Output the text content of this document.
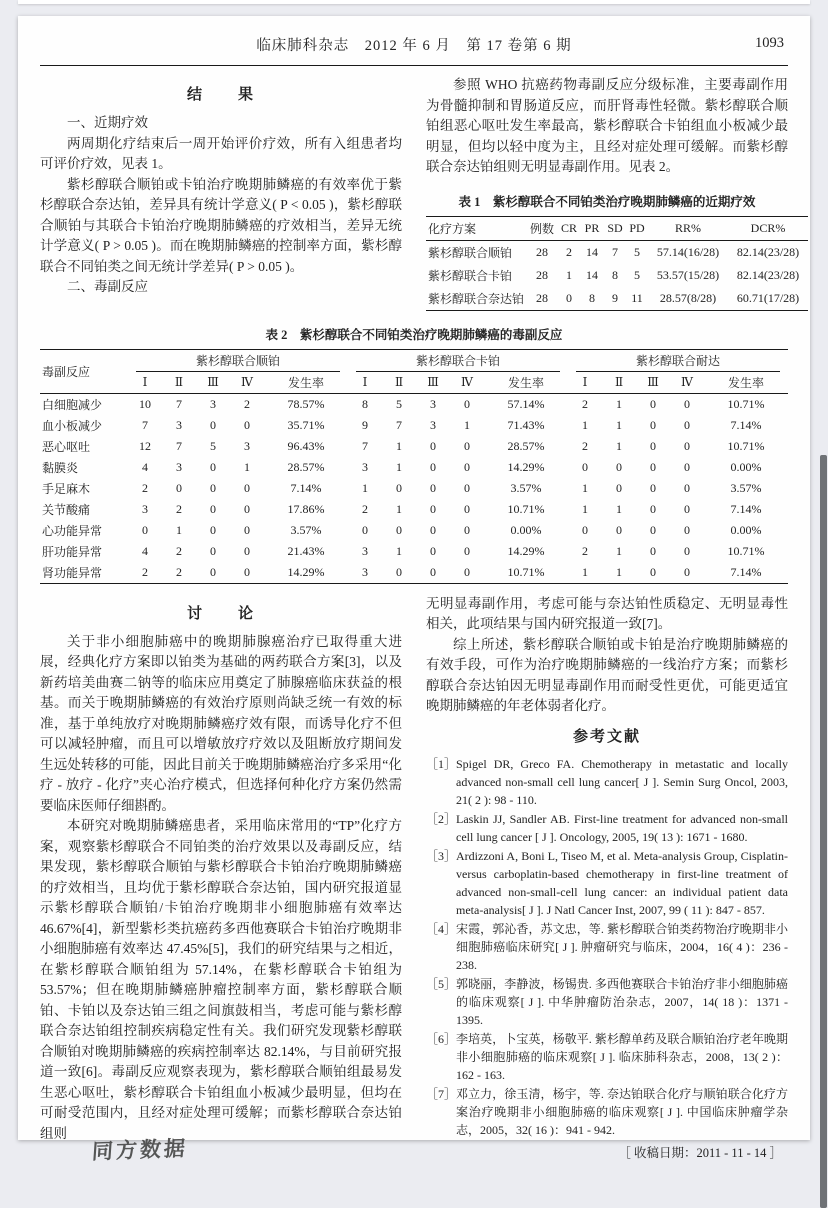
临床肺科杂志　2012 年 6 月　第 17 卷第 6 期	1093
结　　果

一、近期疗效

两周期化疗结束后一周开始评价疗效，所有入组患者均可评价疗效，见表 1。

紫杉醇联合顺铂或卡铂治疗晚期肺鳞癌的有效率优于紫杉醇联合奈达铂，差异具有统计学意义( P < 0.05 )，紫杉醇联合顺铂与其联合卡铂治疗晚期肺鳞癌的疗效相当，差异无统计学意义( P > 0.05 )。而在晚期肺鳞癌的控制率方面，紫杉醇联合不同铂类之间无统计学差异( P > 0.05 )。

二、毒副反应

参照 WHO 抗癌药物毒副反应分级标准，主要毒副作用为骨髓抑制和胃肠道反应，而肝肾毒性轻微。紫杉醇联合顺铂组恶心呕吐发生率最高，紫杉醇联合卡铂组血小板减少最明显，但均以轻中度为主，且经对症处理可缓解。而紫杉醇联合奈达铂组则无明显毒副作用。见表 2。

表 1　紫杉醇联合不同铂类治疗晚期肺鳞癌的近期疗效
化疗方案	例数	CR	PR	SD	PD	RR%	DCR%
紫杉醇联合顺铂	28	2	14	7	5	57.14(16/28)	82.14(23/28)
紫杉醇联合卡铂	28	1	14	8	5	53.57(15/28)	82.14(23/28)
紫杉醇联合奈达铂	28	0	8	9	11	28.57(8/28)	60.71(17/28)
表 2　紫杉醇联合不同铂类治疗晚期肺鳞癌的毒副反应
毒副反应	紫杉醇联合顺铂					紫杉醇联合卡铂					紫杉醇联合耐达				

	Ⅰ	Ⅱ	Ⅲ	Ⅳ	发生率	Ⅰ	Ⅱ	Ⅲ	Ⅳ	发生率	Ⅰ	Ⅱ	Ⅲ	Ⅳ	发生率
白细胞减少	10	7	3	2	78.57%	8	5	3	0	57.14%	2	1	0	0	10.71%
血小板减少	7	3	0	0	35.71%	9	7	3	1	71.43%	1	1	0	0	7.14%
恶心呕吐	12	7	5	3	96.43%	7	1	0	0	28.57%	2	1	0	0	10.71%
黏膜炎	4	3	0	1	28.57%	3	1	0	0	14.29%	0	0	0	0	0.00%
手足麻木	2	0	0	0	7.14%	1	0	0	0	3.57%	1	0	0	0	3.57%
关节酸痛	3	2	0	0	17.86%	2	1	0	0	10.71%	1	1	0	0	7.14%
心功能异常	0	1	0	0	3.57%	0	0	0	0	0.00%	0	0	0	0	0.00%
肝功能异常	4	2	0	0	21.43%	3	1	0	0	14.29%	2	1	0	0	10.71%
肾功能异常	2	2	0	0	14.29%	3	0	0	0	10.71%	1	1	0	0	7.14%
讨　　论

关于非小细胞肺癌中的晚期肺腺癌治疗已取得重大进展，经典化疗方案即以铂类为基础的两药联合方案[3]，以及新药培美曲赛二钠等的临床应用奠定了肺腺癌临床获益的根基。而关于晚期肺鳞癌的有效治疗原则尚缺乏统一有效的标准，基于单纯放疗对晚期肺鳞癌疗效有限，而诱导化疗不但可以减轻肿瘤，而且可以增敏放疗疗效以及阻断放疗期间发生远处转移的可能，因此目前关于晚期肺鳞癌治疗多采用“化疗 - 放疗 - 化疗”夹心治疗模式，但选择何种化疗方案仍然需要临床医师仔细斟酌。

本研究对晚期肺鳞癌患者，采用临床常用的“TP”化疗方案，观察紫杉醇联合不同铂类的治疗效果以及毒副反应，结果发现，紫杉醇联合顺铂与紫杉醇联合卡铂治疗晚期肺鳞癌的疗效相当，且均优于紫杉醇联合奈达铂，国内研究报道显示紫杉醇联合顺铂/卡铂治疗晚期非小细胞肺癌有效率达 46.67%[4]，新型紫杉类抗癌药多西他赛联合卡铂治疗晚期非小细胞肺癌有效率达 47.45%[5]，我们的研究结果与之相近，在紫杉醇联合顺铂组为 57.14%，在紫杉醇联合卡铂组为 53.57%；但在晚期肺鳞癌肿瘤控制率方面，紫杉醇联合顺铂、卡铂以及奈达铂三组之间旗鼓相当，考虑可能与紫杉醇联合奈达铂组控制疾病稳定性有关。我们研究发现紫杉醇联合顺铂对晚期肺鳞癌的疾病控制率达 82.14%，与目前研究报道一致[6]。毒副反应观察表现为，紫杉醇联合顺铂组最易发生恶心呕吐，紫杉醇联合卡铂组血小板减少最明显，但均在可耐受范围内，且经对症处理可缓解；而紫杉醇联合奈达铂组则

同方数据

无明显毒副作用，考虑可能与奈达铂性质稳定、无明显毒性相关，此项结果与国内研究报道一致[7]。

综上所述，紫杉醇联合顺铂或卡铂是治疗晚期肺鳞癌的有效手段，可作为治疗晚期肺鳞癌的一线治疗方案；而紫杉醇联合奈达铂因无明显毒副作用而耐受性更优，可能更适宜晚期肺鳞癌的年老体弱者化疗。

参考文献
［1］ Spigel DR, Greco FA. Chemotherapy in metastatic and locally advanced non-small cell lung cancer[ J ]. Semin Surg Oncol, 2003, 21( 2 ): 98 - 110.
［2］ Laskin JJ, Sandler AB. First-line treatment for advanced non-small cell lung cancer [ J ]. Oncology, 2005, 19( 13 ): 1671 - 1680.
［3］ Ardizzoni A, Boni L, Tiseo M, et al. Meta-analysis Group, Cisplatin-versus carboplatin-based chemotherapy in first-line treatment of advanced non-small-cell lung cancer: an individual patient data meta-analysis[ J ]. J Natl Cancer Inst, 2007, 99 ( 11 ): 847 - 857.
［4］ 宋霞，郭沁香，苏文忠，等. 紫杉醇联合铂类药物治疗晚期非小细胞肺癌临床研究[ J ]. 肿瘤研究与临床，2004，16( 4 )：236 - 238.
［5］ 郭晓丽，李静波，杨锡贵. 多西他赛联合卡铂治疗非小细胞肺癌的临床观察[ J ]. 中华肿瘤防治杂志，2007，14( 18 )：1371 - 1395.
［6］ 李培英，卜宝英，杨敬平. 紫杉醇单药及联合顺铂治疗老年晚期非小细胞肺癌的临床观察[ J ]. 临床肺科杂志，2008，13( 2 )：162 - 163.
［7］ 邓立力，徐玉清，杨宇，等. 奈达铂联合化疗与顺铂联合化疗方案治疗晚期非小细胞肺癌的临床观察[ J ]. 中国临床肿瘤学杂志，2005，32( 16 )：941 - 942.

［ 收稿日期：2011 - 11 - 14 ］
